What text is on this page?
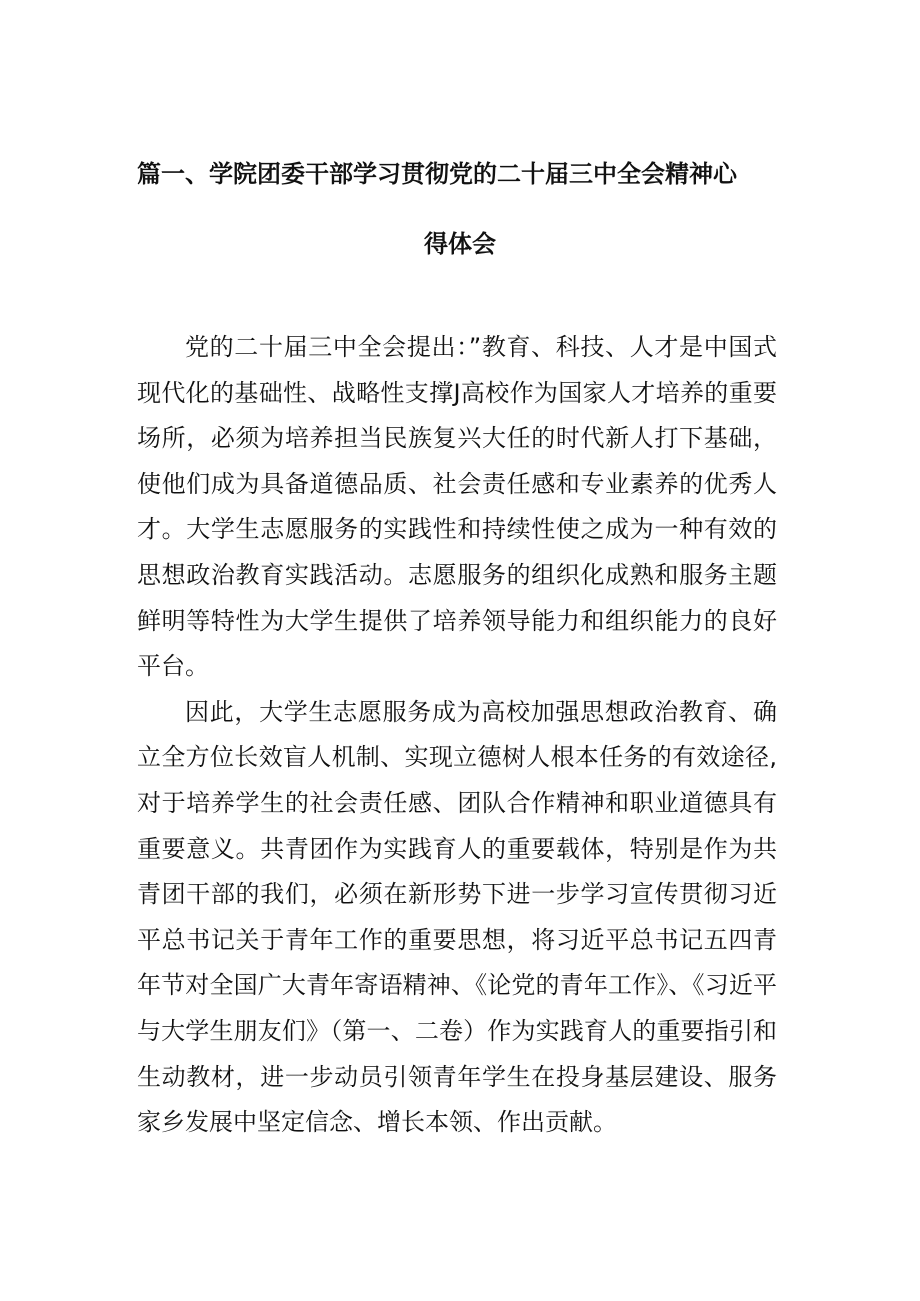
篇一、学院团委干部学习贯彻党的二十届三中全会精神心
得体会

党的二十届三中全会提出：”教育、科技、人才是中国式现代化的基础性、战略性支撑J高校作为国家人才培养的重要场所，必须为培养担当民族复兴大任的时代新人打下基础，使他们成为具备道德品质、社会责任感和专业素养的优秀人才。大学生志愿服务的实践性和持续性使之成为一种有效的思想政治教育实践活动。志愿服务的组织化成熟和服务主题鲜明等特性为大学生提供了培养领导能力和组织能力的良好平台。

因此，大学生志愿服务成为高校加强思想政治教育、确立全方位长效盲人机制、实现立德树人根本任务的有效途径,对于培养学生的社会责任感、团队合作精神和职业道德具有重要意义。共青团作为实践育人的重要载体，特别是作为共青团干部的我们，必须在新形势下进一步学习宣传贯彻习近平总书记关于青年工作的重要思想，将习近平总书记五四青年节对全国广大青年寄语精神、《论党的青年工作》、《习近平与大学生朋友们》（第一、二卷）作为实践育人的重要指引和生动教材，进一步动员引领青年学生在投身基层建设、服务家乡发展中坚定信念、增长本领、作出贡献。
